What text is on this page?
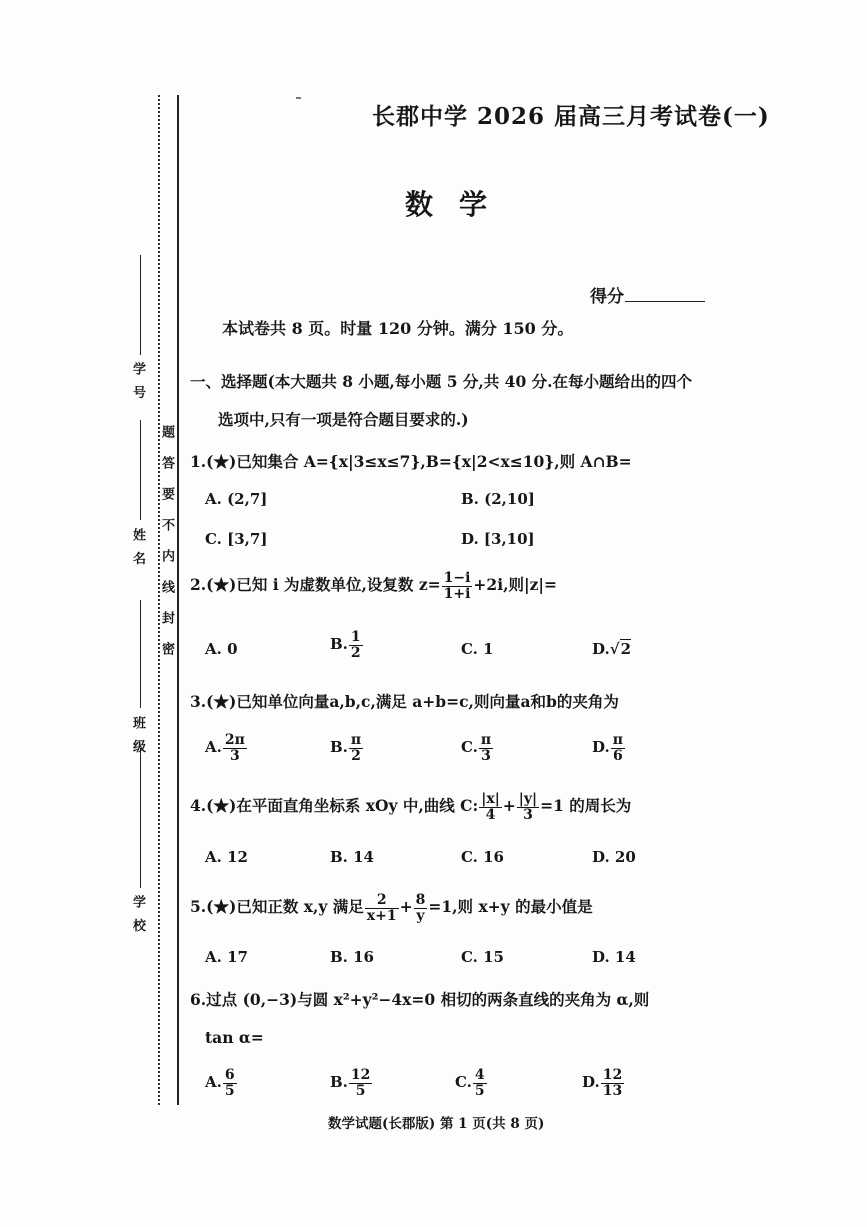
学 校
班 级
姓 名
学 号
题答要不内线封密
长郡中学 2026 届高三月考试卷(一)
数学
得分
本试卷共 8 页。时量 120 分钟。满分 150 分。
一、选择题(本大题共 8 小题,每小题 5 分,共 40 分.在每小题给出的四个
选项中,只有一项是符合题目要求的.)
1.(★)已知集合 A={x|3≤x≤7},B={x|2<x≤10},则 A∩B=
A. (2,7]	B. (2,10]
C. [3,7]	D. [3,10]
2.(★)已知 i 为虚数单位,设复数 $z= \frac{1-i}{1+i} +2i$,则|z|=
A. 0	B. $\frac{1}{2}$	C. 1	D.√2
3.(★)已知单位向量a,b,c,满足 a+b=c,则向量a和b的夹角为
A. $\frac{2\pi}{3}$	B. $\frac{\pi}{2}$	C. $\frac{\pi}{3}$	D. $\frac{\pi}{6}$
4.(★)在平面直角坐标系 xOy 中,曲线 C: $\frac{|x|}{4} + \frac{|y|}{3} =1$ 的周长为
A. 12	B. 14	C. 16	D. 20
5.(★)已知正数 x,y 满足 $\frac{2}{x+1} + \frac{8}{y} =1$,则 x+y 的最小值是
A. 17	B. 16	C. 15	D. 14
6.过点 (0,−3)与圆 x²+y²−4x=0 相切的两条直线的夹角为 α,则
tan α=
A. $\frac{6}{5}$	B. $\frac{12}{5}$	C. $\frac{4}{5}$	D. $\frac{12}{13}$
数学试题(长郡版) 第 1 页(共 8 页)
